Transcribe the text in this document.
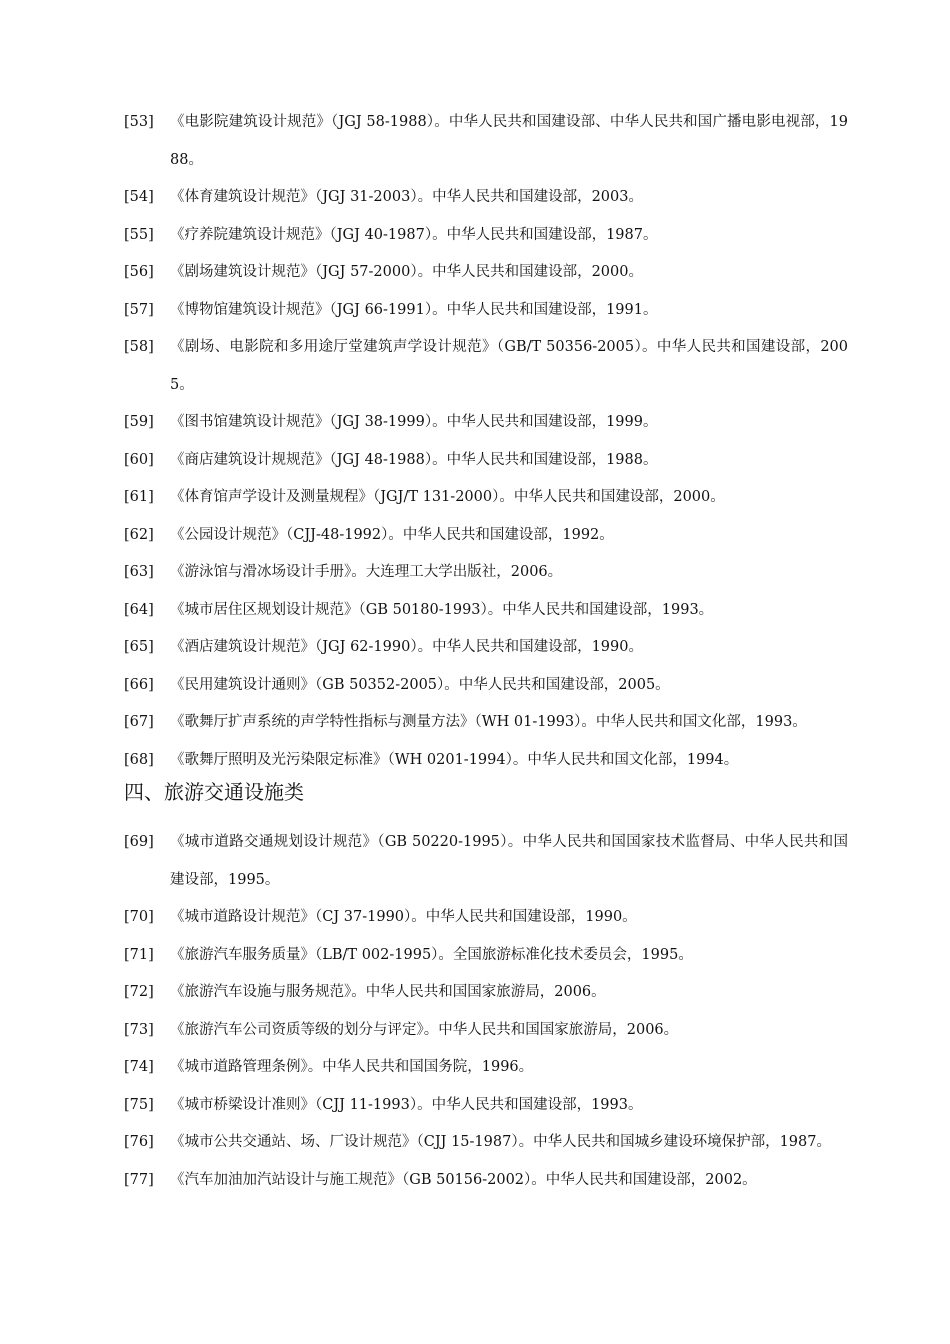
[53]	《电影院建筑设计规范》（JGJ 58-1988）。中华人民共和国建设部、中华人民共和国广播电影电视部，1988。
[54]	《体育建筑设计规范》（JGJ 31-2003）。中华人民共和国建设部，2003。
[55]	《疗养院建筑设计规范》（JGJ 40-1987）。中华人民共和国建设部，1987。
[56]	《剧场建筑设计规范》（JGJ 57-2000）。中华人民共和国建设部，2000。
[57]	《博物馆建筑设计规范》（JGJ 66-1991）。中华人民共和国建设部，1991。
[58]	《剧场、电影院和多用途厅堂建筑声学设计规范》（GB/T 50356-2005）。中华人民共和国建设部，2005。
[59]	《图书馆建筑设计规范》（JGJ 38-1999）。中华人民共和国建设部，1999。
[60]	《商店建筑设计规规范》（JGJ 48-1988）。中华人民共和国建设部，1988。
[61]	《体育馆声学设计及测量规程》（JGJ/T 131-2000）。中华人民共和国建设部，2000。
[62]	《公园设计规范》（CJJ-48-1992）。中华人民共和国建设部，1992。
[63]	《游泳馆与滑冰场设计手册》。大连理工大学出版社，2006。
[64]	《城市居住区规划设计规范》（GB 50180-1993）。中华人民共和国建设部，1993。
[65]	《酒店建筑设计规范》（JGJ 62-1990）。中华人民共和国建设部，1990。
[66]	《民用建筑设计通则》（GB 50352-2005）。中华人民共和国建设部，2005。
[67]	《歌舞厅扩声系统的声学特性指标与测量方法》（WH 01-1993）。中华人民共和国文化部，1993。
[68]	《歌舞厅照明及光污染限定标准》（WH 0201-1994）。中华人民共和国文化部，1994。
四、旅游交通设施类
[69]	《城市道路交通规划设计规范》（GB 50220-1995）。中华人民共和国国家技术监督局、中华人民共和国建设部，1995。
[70]	《城市道路设计规范》（CJ 37-1990）。中华人民共和国建设部，1990。
[71]	《旅游汽车服务质量》（LB/T 002-1995）。全国旅游标准化技术委员会，1995。
[72]	《旅游汽车设施与服务规范》。中华人民共和国国家旅游局，2006。
[73]	《旅游汽车公司资质等级的划分与评定》。中华人民共和国国家旅游局，2006。
[74]	《城市道路管理条例》。中华人民共和国国务院，1996。
[75]	《城市桥梁设计准则》（CJJ 11-1993）。中华人民共和国建设部，1993。
[76]	《城市公共交通站、场、厂设计规范》（CJJ 15-1987）。中华人民共和国城乡建设环境保护部，1987。
[77]	《汽车加油加汽站设计与施工规范》（GB 50156-2002）。中华人民共和国建设部，2002。
